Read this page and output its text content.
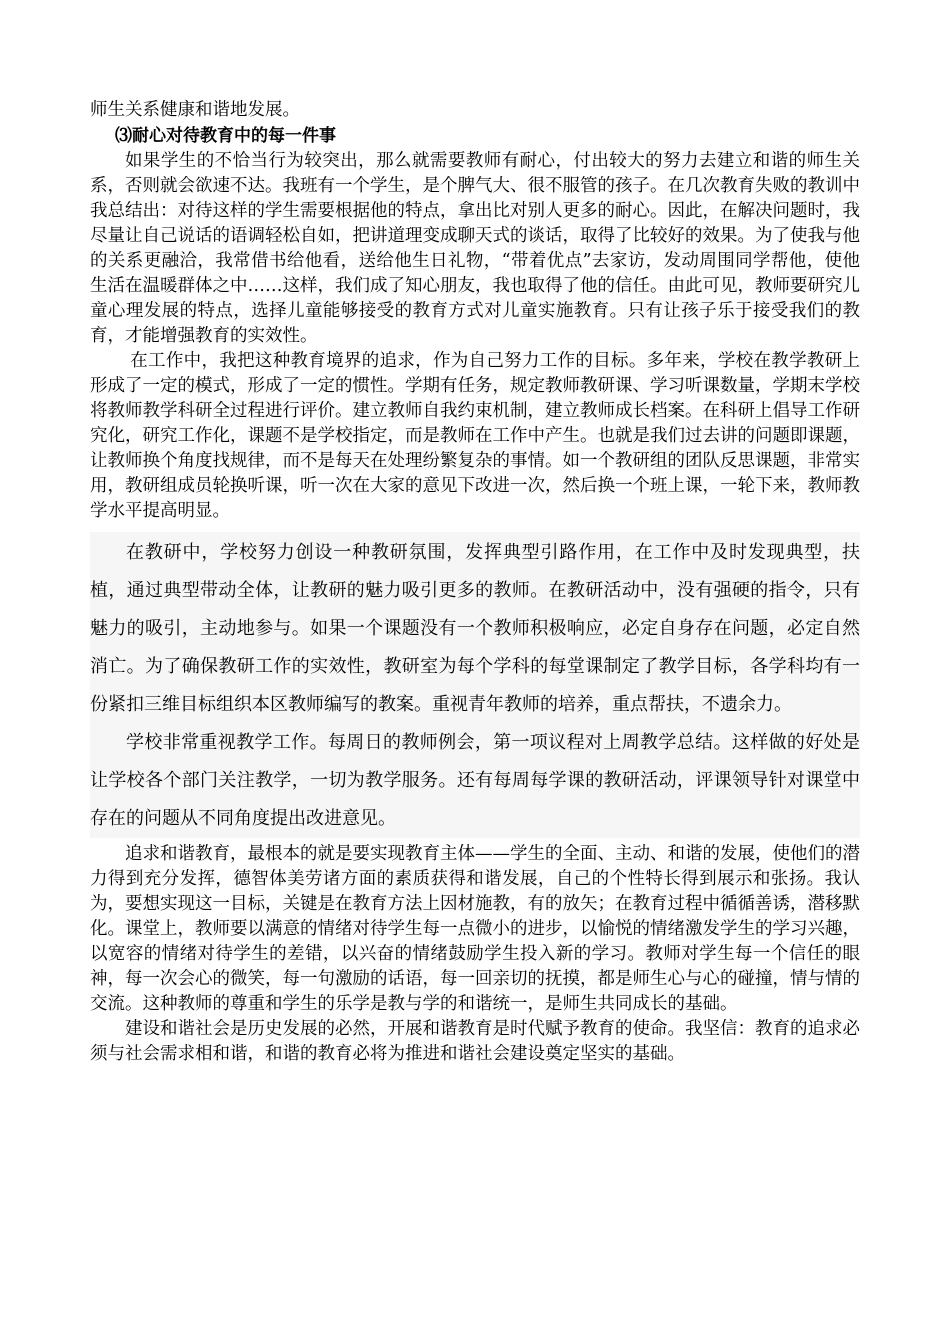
师生关系健康和谐地发展。

⑶耐心对待教育中的每一件事

如果学生的不恰当行为较突出，那么就需要教师有耐心，付出较大的努力去建立和谐的师生关系，否则就会欲速不达。我班有一个学生，是个脾气大、很不服管的孩子。在几次教育失败的教训中我总结出：对待这样的学生需要根据他的特点，拿出比对别人更多的耐心。因此，在解决问题时，我尽量让自己说话的语调轻松自如，把讲道理变成聊天式的谈话，取得了比较好的效果。为了使我与他的关系更融洽，我常借书给他看，送给他生日礼物，“带着优点”去家访，发动周围同学帮他，使他生活在温暖群体之中……这样，我们成了知心朋友，我也取得了他的信任。由此可见，教师要研究儿童心理发展的特点，选择儿童能够接受的教育方式对儿童实施教育。只有让孩子乐于接受我们的教育，才能增强教育的实效性。

在工作中，我把这种教育境界的追求，作为自己努力工作的目标。多年来，学校在教学教研上形成了一定的模式，形成了一定的惯性。学期有任务，规定教师教研课、学习听课数量，学期末学校将教师教学科研全过程进行评价。建立教师自我约束机制，建立教师成长档案。在科研上倡导工作研究化，研究工作化，课题不是学校指定，而是教师在工作中产生。也就是我们过去讲的问题即课题，让教师换个角度找规律，而不是每天在处理纷繁复杂的事情。如一个教研组的团队反思课题，非常实用，教研组成员轮换听课，听一次在大家的意见下改进一次，然后换一个班上课，一轮下来，教师教学水平提高明显。

在教研中，学校努力创设一种教研氛围，发挥典型引路作用，在工作中及时发现典型，扶植，通过典型带动全体，让教研的魅力吸引更多的教师。在教研活动中，没有强硬的指令，只有魅力的吸引，主动地参与。如果一个课题没有一个教师积极响应，必定自身存在问题，必定自然消亡。为了确保教研工作的实效性，教研室为每个学科的每堂课制定了教学目标，各学科均有一份紧扣三维目标组织本区教师编写的教案。重视青年教师的培养，重点帮扶，不遗余力。

学校非常重视教学工作。每周日的教师例会，第一项议程对上周教学总结。这样做的好处是让学校各个部门关注教学，一切为教学服务。还有每周每学课的教研活动，评课领导针对课堂中存在的问题从不同角度提出改进意见。

追求和谐教育，最根本的就是要实现教育主体——学生的全面、主动、和谐的发展，使他们的潜力得到充分发挥，德智体美劳诸方面的素质获得和谐发展，自己的个性特长得到展示和张扬。我认为，要想实现这一目标，关键是在教育方法上因材施教，有的放矢；在教育过程中循循善诱，潜移默化。课堂上，教师要以满意的情绪对待学生每一点微小的进步，以愉悦的情绪激发学生的学习兴趣，以宽容的情绪对待学生的差错，以兴奋的情绪鼓励学生投入新的学习。教师对学生每一个信任的眼神，每一次会心的微笑，每一句激励的话语，每一回亲切的抚摸，都是师生心与心的碰撞，情与情的交流。这种教师的尊重和学生的乐学是教与学的和谐统一，是师生共同成长的基础。

建设和谐社会是历史发展的必然，开展和谐教育是时代赋予教育的使命。我坚信：教育的追求必须与社会需求相和谐，和谐的教育必将为推进和谐社会建设奠定坚实的基础。
